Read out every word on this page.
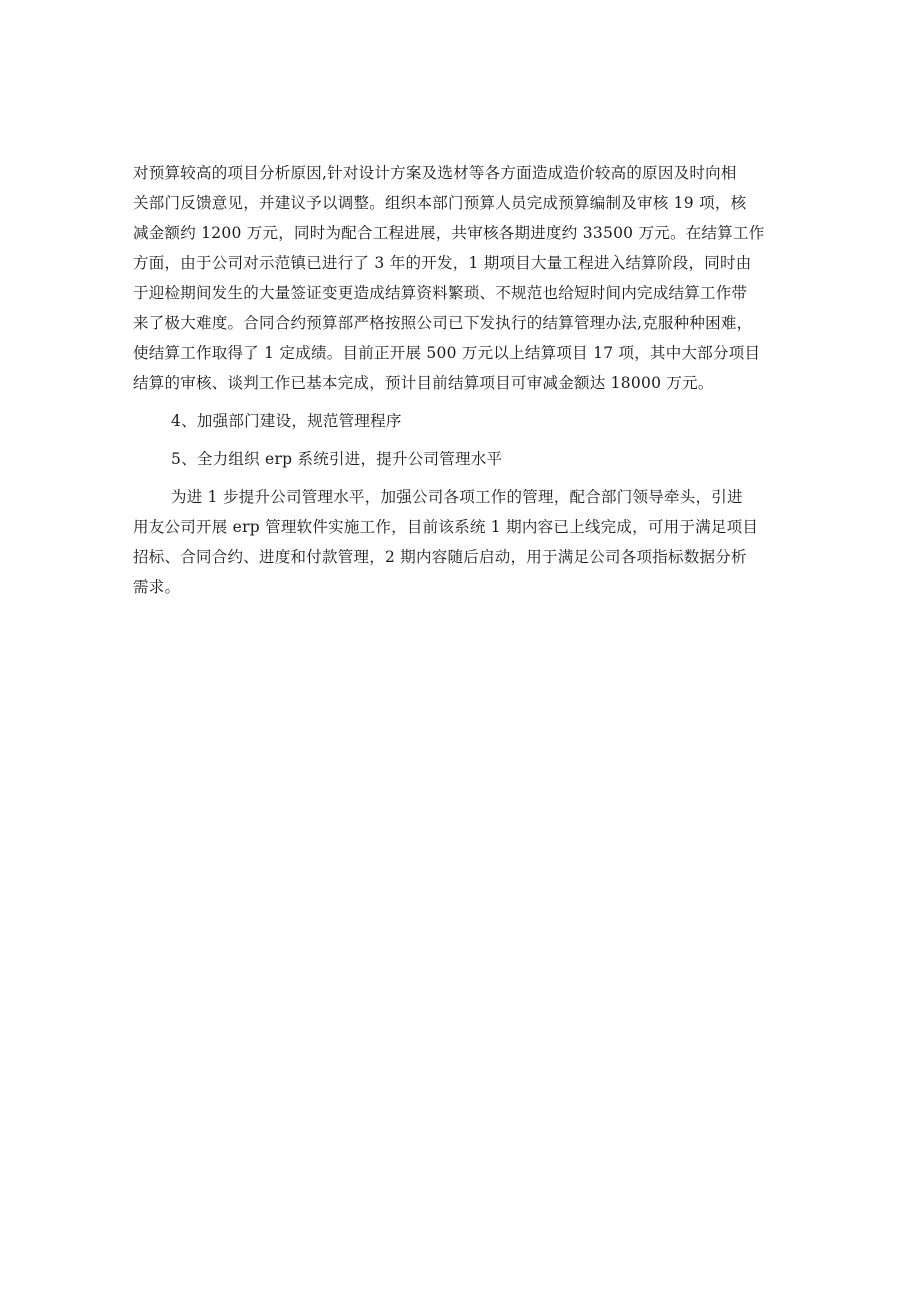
对预算较高的项目分析原因,针对设计方案及选材等各方面造成造价较高的原因及时向相
关部门反馈意见，并建议予以调整。组织本部门预算人员完成预算编制及审核 19 项，核
减金额约 1200 万元，同时为配合工程进展，共审核各期进度约 33500 万元。在结算工作
方面，由于公司对示范镇已进行了 3 年的开发，1 期项目大量工程进入结算阶段，同时由
于迎检期间发生的大量签证变更造成结算资料繁琐、不规范也给短时间内完成结算工作带
来了极大难度。合同合约预算部严格按照公司已下发执行的结算管理办法,克服种种困难，
使结算工作取得了 1 定成绩。目前正开展 500 万元以上结算项目 17 项，其中大部分项目
结算的审核、谈判工作已基本完成，预计目前结算项目可审减金额达 18000 万元。
4、加强部门建设，规范管理程序
5、全力组织 erp 系统引进，提升公司管理水平
为进 1 步提升公司管理水平，加强公司各项工作的管理，配合部门领导牵头，引进
用友公司开展 erp 管理软件实施工作，目前该系统 1 期内容已上线完成，可用于满足项目
招标、合同合约、进度和付款管理，2 期内容随后启动，用于满足公司各项指标数据分析
需求。
